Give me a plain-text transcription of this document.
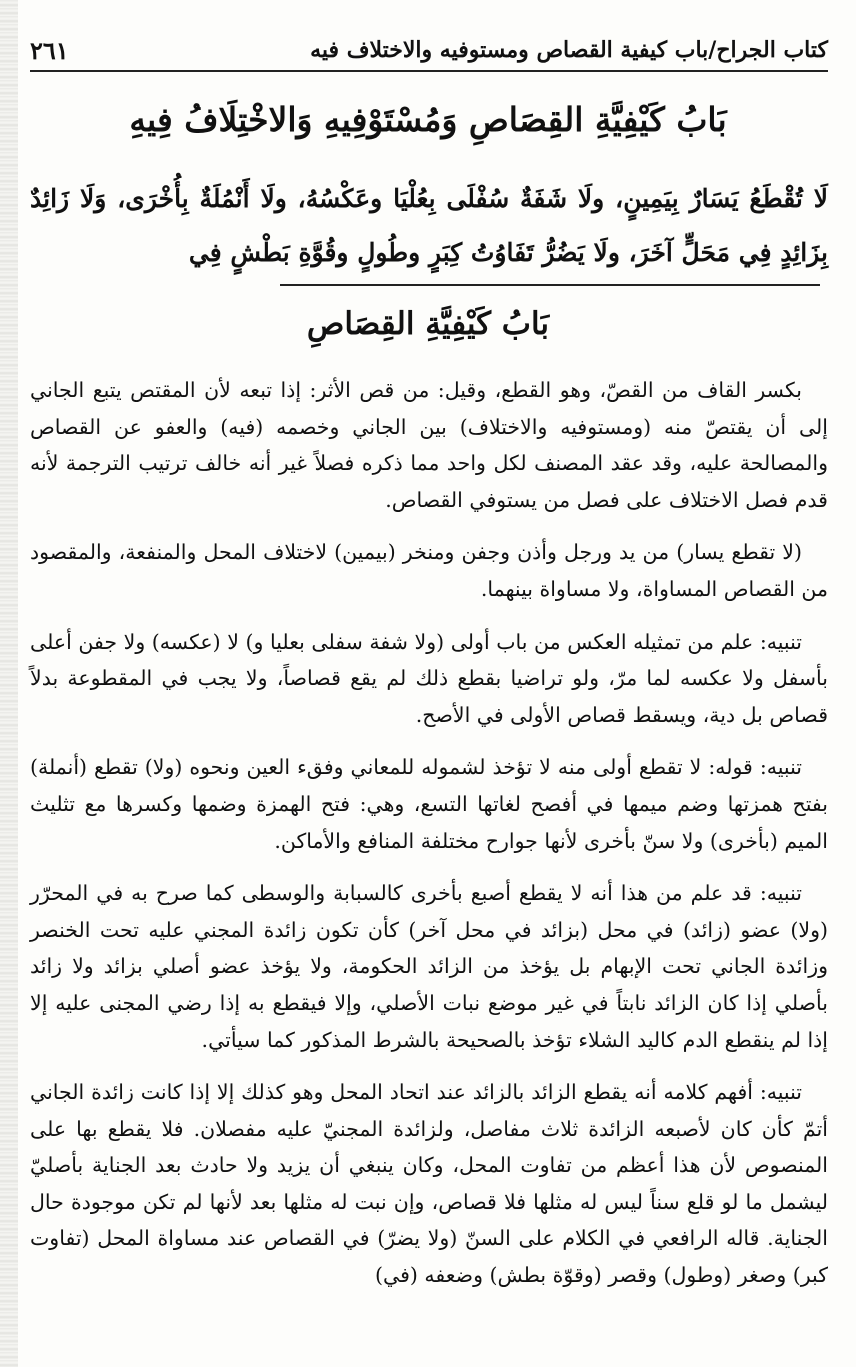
كتاب الجراح/باب كيفية القصاص ومستوفيه والاختلاف فيه
٢٦١
بَابُ كَيْفِيَّةِ القِصَاصِ وَمُسْتَوْفِيهِ وَالاخْتِلَافُ فِيهِ
لَا تُقْطَعُ يَسَارٌ بِيَمِينٍ، ولَا شَفَةٌ سُفْلَى بِعُلْيَا وعَكْسُهُ، ولَا أَنْمُلَةٌ بِأُخْرَى، وَلَا زَائِدٌ بِزَائِدٍ فِي مَحَلٍّ آخَرَ، ولَا يَضُرُّ تَفَاوُتُ كِبَرٍ وطُولٍ وقُوَّةِ بَطْشٍ فِي
بَابُ كَيْفِيَّةِ القِصَاصِ

بكسر القاف من القصّ، وهو القطع، وقيل: من قص الأثر: إذا تبعه لأن المقتص يتبع الجاني إلى أن يقتصّ منه (ومستوفيه والاختلاف) بين الجاني وخصمه (فيه) والعفو عن القصاص والمصالحة عليه، وقد عقد المصنف لكل واحد مما ذكره فصلاً غير أنه خالف ترتيب الترجمة لأنه قدم فصل الاختلاف على فصل من يستوفي القصاص.

(لا تقطع يسار) من يد ورجل وأذن وجفن ومنخر (بيمين) لاختلاف المحل والمنفعة، والمقصود من القصاص المساواة، ولا مساواة بينهما.

تنبيه: علم من تمثيله العكس من باب أولى (ولا شفة سفلى بعليا و) لا (عكسه) ولا جفن أعلى بأسفل ولا عكسه لما مرّ، ولو تراضيا بقطع ذلك لم يقع قصاصاً، ولا يجب في المقطوعة بدلاً قصاص بل دية، ويسقط قصاص الأولى في الأصح.

تنبيه: قوله: لا تقطع أولى منه لا تؤخذ لشموله للمعاني وفقء العين ونحوه (ولا) تقطع (أنملة) بفتح همزتها وضم ميمها في أفصح لغاتها التسع، وهي: فتح الهمزة وضمها وكسرها مع تثليث الميم (بأخرى) ولا سنّ بأخرى لأنها جوارح مختلفة المنافع والأماكن.

تنبيه: قد علم من هذا أنه لا يقطع أصبع بأخرى كالسبابة والوسطى كما صرح به في المحرّر (ولا) عضو (زائد) في محل (بزائد في محل آخر) كأن تكون زائدة المجني عليه تحت الخنصر وزائدة الجاني تحت الإبهام بل يؤخذ من الزائد الحكومة، ولا يؤخذ عضو أصلي بزائد ولا زائد بأصلي إذا كان الزائد نابتاً في غير موضع نبات الأصلي، وإلا فيقطع به إذا رضي المجنى عليه إلا إذا لم ينقطع الدم كاليد الشلاء تؤخذ بالصحيحة بالشرط المذكور كما سيأتي.

تنبيه: أفهم كلامه أنه يقطع الزائد بالزائد عند اتحاد المحل وهو كذلك إلا إذا كانت زائدة الجاني أتمّ كأن كان لأصبعه الزائدة ثلاث مفاصل، ولزائدة المجنيّ عليه مفصلان. فلا يقطع بها على المنصوص لأن هذا أعظم من تفاوت المحل، وكان ينبغي أن يزيد ولا حادث بعد الجناية بأصليّ ليشمل ما لو قلع سناً ليس له مثلها فلا قصاص، وإن نبت له مثلها بعد لأنها لم تكن موجودة حال الجناية. قاله الرافعي في الكلام على السنّ (ولا يضرّ) في القصاص عند مساواة المحل (تفاوت كبر) وصغر (وطول) وقصر (وقوّة بطش) وضعفه (في)
